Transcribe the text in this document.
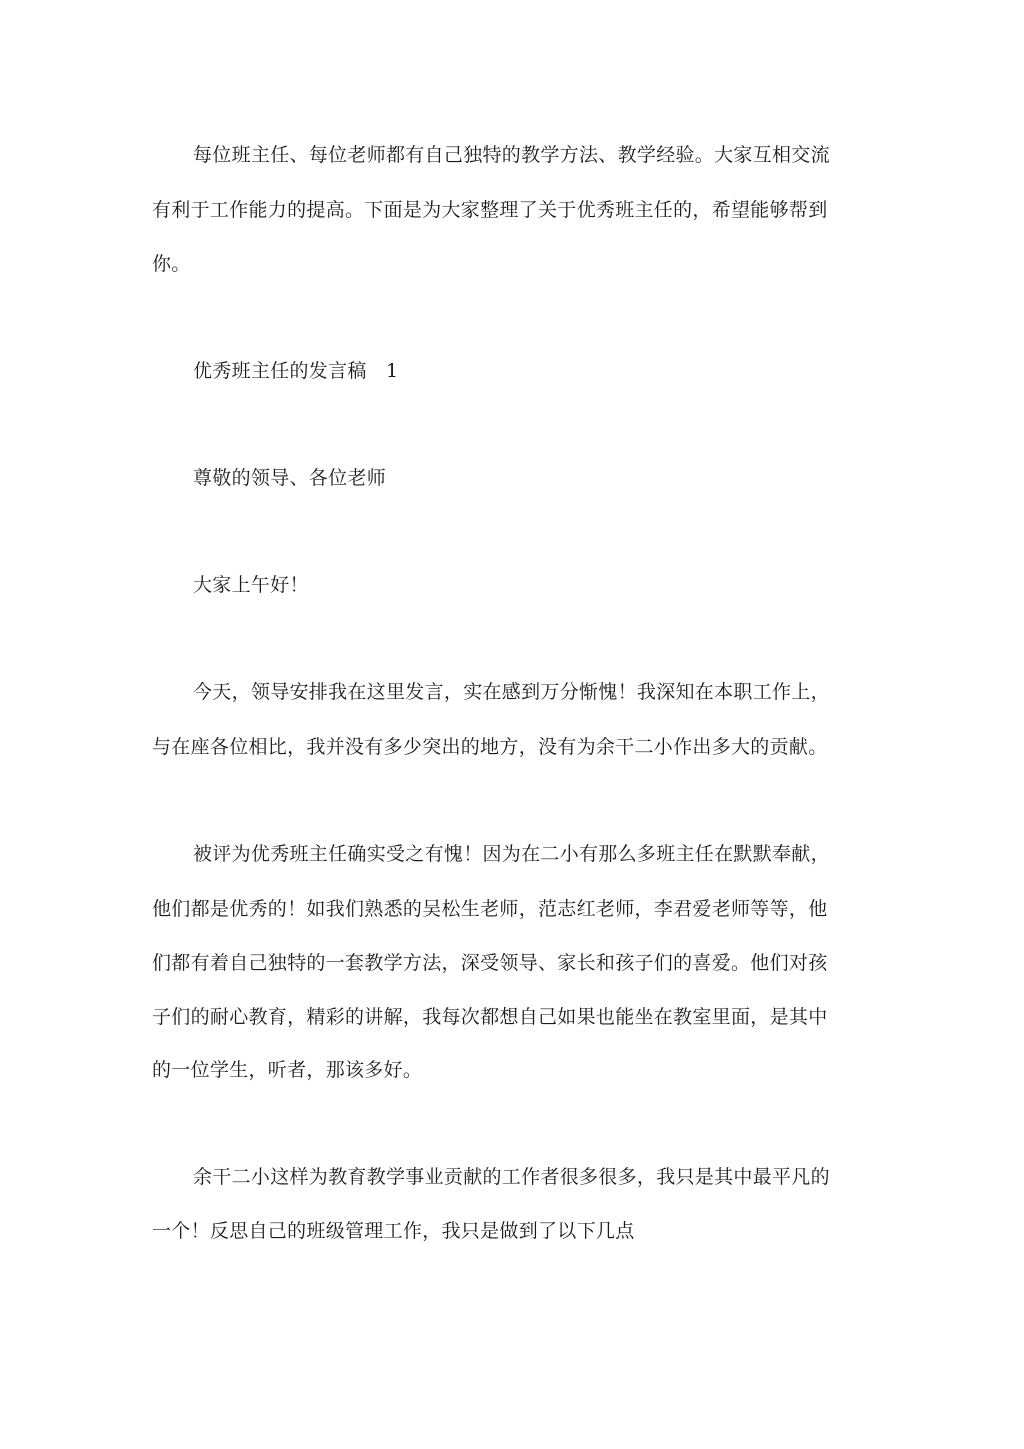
每位班主任、每位老师都有自己独特的教学方法、教学经验。大家互相交流
有利于工作能力的提高。下面是为大家整理了关于优秀班主任的，希望能够帮到
你。
优秀班主任的发言稿　1
尊敬的领导、各位老师
大家上午好！
今天，领导安排我在这里发言，实在感到万分惭愧！我深知在本职工作上，
与在座各位相比，我并没有多少突出的地方，没有为余干二小作出多大的贡献。
被评为优秀班主任确实受之有愧！因为在二小有那么多班主任在默默奉献，
他们都是优秀的！如我们熟悉的吴松生老师，范志红老师，李君爱老师等等，他
们都有着自己独特的一套教学方法，深受领导、家长和孩子们的喜爱。他们对孩
子们的耐心教育，精彩的讲解，我每次都想自己如果也能坐在教室里面，是其中
的一位学生，听者，那该多好。
余干二小这样为教育教学事业贡献的工作者很多很多，我只是其中最平凡的
一个！反思自己的班级管理工作，我只是做到了以下几点
